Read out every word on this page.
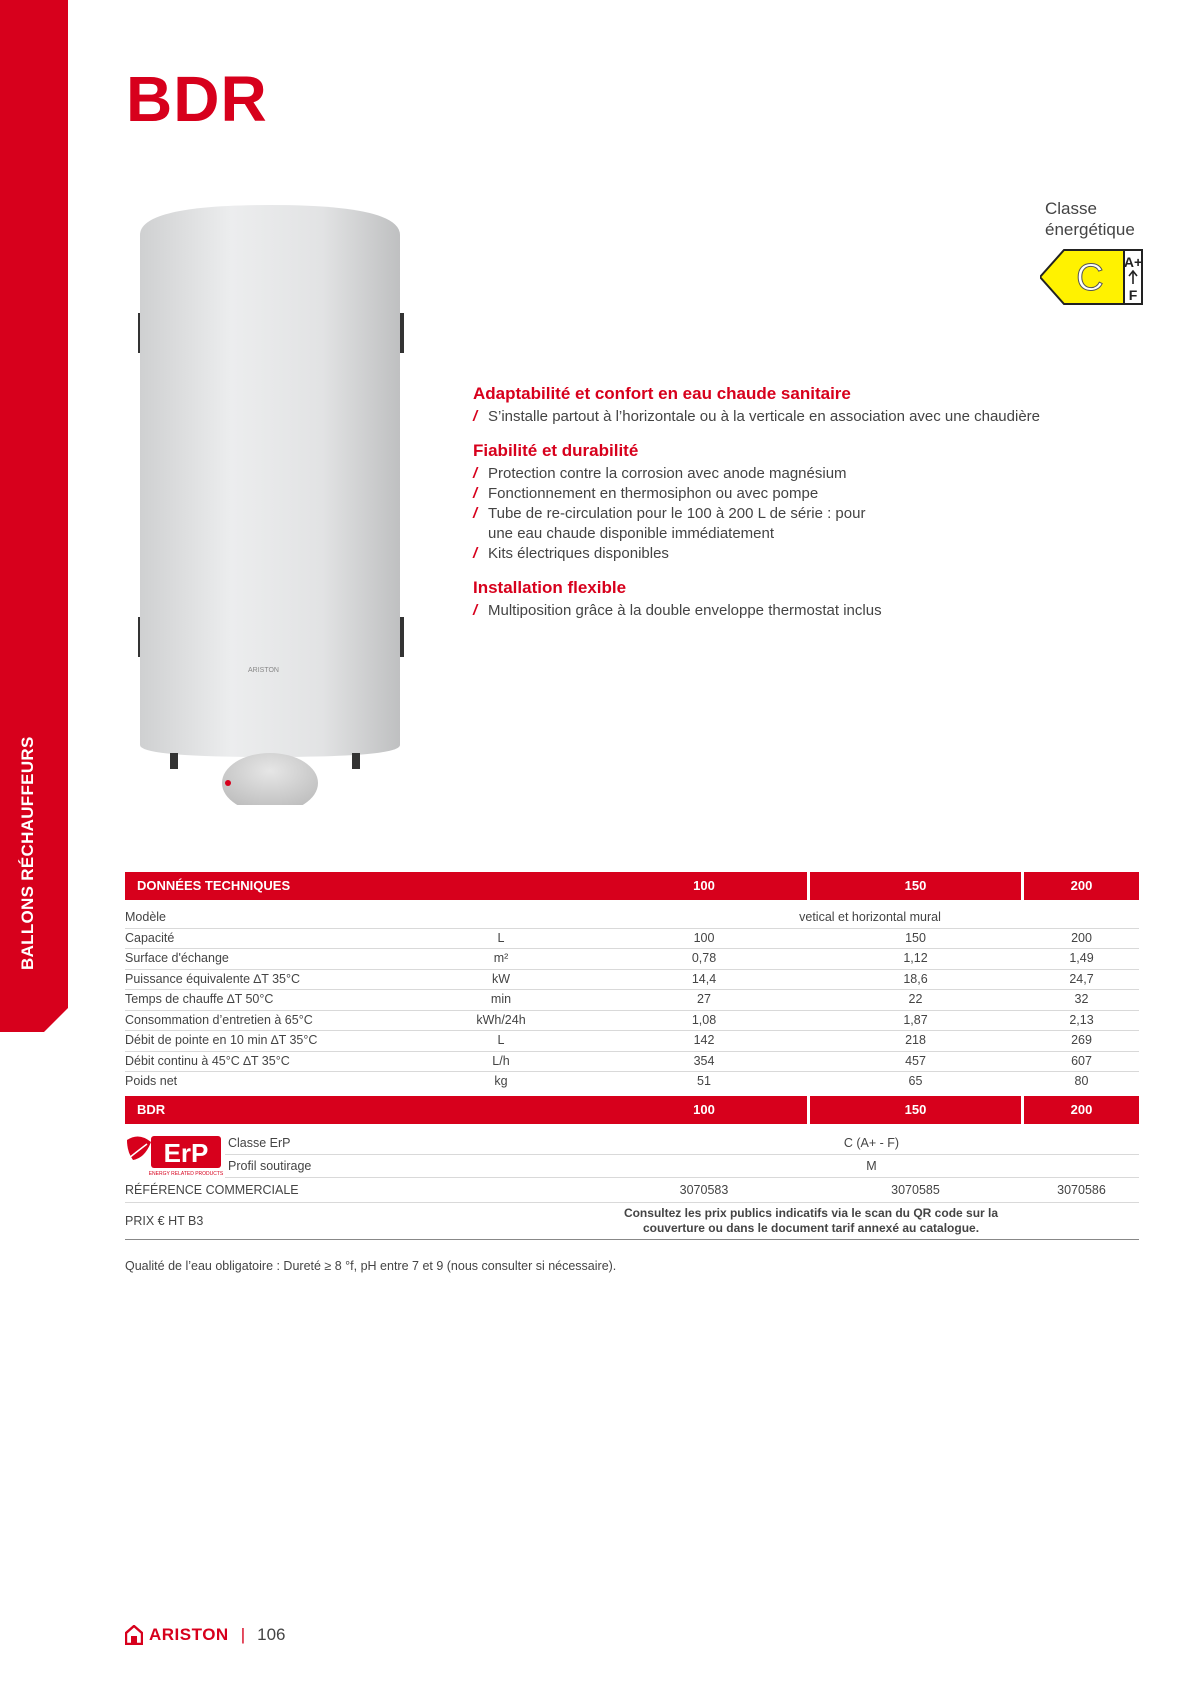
BALLONS RÉCHAUFFEURS
BDR
Classe
énergétique
C A+
F
ARISTON
Adaptabilité et confort en eau chaude sanitaire
/ S’installe partout à l’horizontale ou à la verticale en association avec une chaudière
Fiabilité et durabilité
/ Protection contre la corrosion avec anode magnésium
/ Fonctionnement en thermosiphon ou avec pompe
/ Tube de re-circulation pour le 100 à 200 L de série : pour une eau chaude disponible immédiatement
/ Kits électriques disponibles
Installation flexible
/ Multiposition grâce à la double enveloppe thermostat inclus
DONNÉES TECHNIQUES	100	150	200
Modèle	vetical et horizontal mural
Capacité	L	100	150	200
Surface d'échange	m²	0,78	1,12	1,49
Puissance équivalente ∆T 35°C	kW	14,4	18,6	24,7
Temps de chauffe ∆T 50°C	min	27	22	32
Consommation d’entretien à 65°C	kWh/24h	1,08	1,87	2,13
Débit de pointe en 10 min ∆T 35°C	L	142	218	269
Débit continu à 45°C ∆T 35°C	L/h	354	457	607
Poids net	kg	51	65	80
BDR	100	150	200
ErP
ENERGY RELATED PRODUCTS
Classe ErP	C (A+ - F)
Profil soutirage	M
RÉFÉRENCE COMMERCIALE	3070583	3070585	3070586
PRIX € HT B3
Consultez les prix publics indicatifs via le scan du QR code sur la
couverture ou dans le document tarif annexé au catalogue.
Qualité de l’eau obligatoire : Dureté ≥ 8 °f, pH entre 7 et 9 (nous consulter si nécessaire).
ARISTON | 106
